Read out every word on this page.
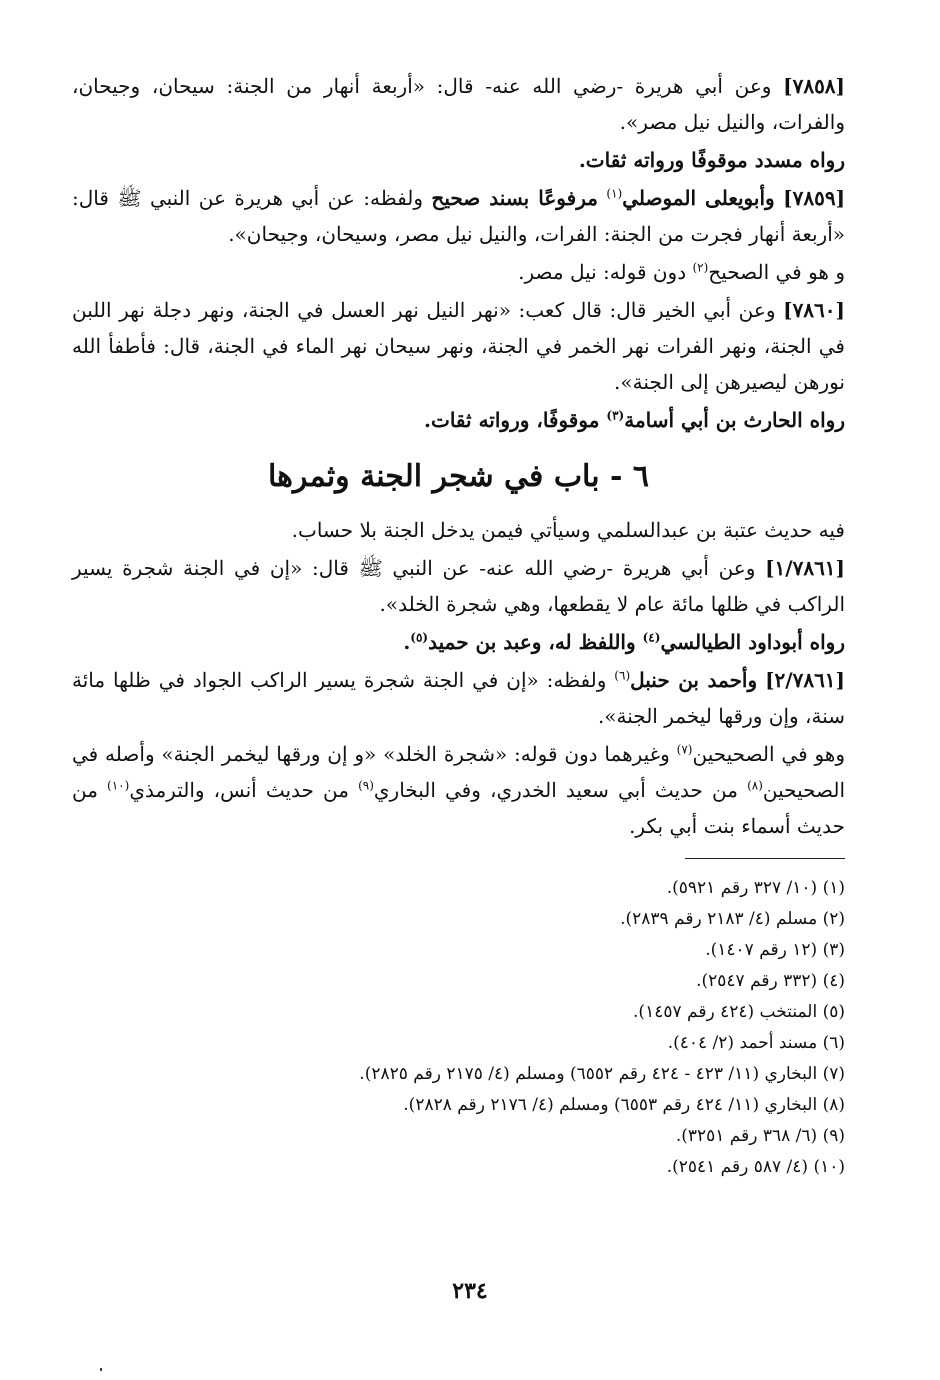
[٧٨٥٨] وعن أبي هريرة -رضي الله عنه- قال: «أربعة أنهار من الجنة: سيحان، وجيحان، والفرات، والنيل نيل مصر».

رواه مسدد موقوفًا ورواته ثقات.

[٧٨٥٩] وأبويعلى الموصلي$^{(١)}$ مرفوعًا بسند صحيح ولفظه: عن أبي هريرة عن النبي ﷺ قال: «أربعة أنهار فجرت من الجنة: الفرات، والنيل نيل مصر، وسيحان، وجيحان».

و هو في الصحيح$^{(٢)}$ دون قوله: نيل مصر.

[٧٨٦٠] وعن أبي الخير قال: قال كعب: «نهر النيل نهر العسل في الجنة، ونهر دجلة نهر اللبن في الجنة، ونهر الفرات نهر الخمر في الجنة، ونهر سيحان نهر الماء في الجنة، قال: فأطفأ الله نورهن ليصيرهن إلى الجنة».

رواه الحارث بن أبي أسامة$^{(٣)}$ موقوفًا، ورواته ثقات.

٦ - باب في شجر الجنة وثمرها

فيه حديث عتبة بن عبدالسلمي وسيأتي فيمن يدخل الجنة بلا حساب.

[١/٧٨٦١] وعن أبي هريرة -رضي الله عنه- عن النبي ﷺ قال: «إن في الجنة شجرة يسير الراكب في ظلها مائة عام لا يقطعها، وهي شجرة الخلد».

رواه أبوداود الطيالسي$^{(٤)}$ واللفظ له، وعبد بن حميد$^{(٥)}$.

[٢/٧٨٦١] وأحمد بن حنبل$^{(٦)}$ ولفظه: «إن في الجنة شجرة يسير الراكب الجواد في ظلها مائة سنة، وإن ورقها ليخمر الجنة».

وهو في الصحيحين$^{(٧)}$ وغيرهما دون قوله: «شجرة الخلد» «و إن ورقها ليخمر الجنة» وأصله في الصحيحين$^{(٨)}$ من حديث أبي سعيد الخدري، وفي البخاري$^{(٩)}$ من حديث أنس، والترمذي$^{(١٠)}$ من حديث أسماء بنت أبي بكر.

(١) (١٠/ ٣٢٧ رقم ٥٩٢١).

(٢) مسلم (٤/ ٢١٨٣ رقم ٢٨٣٩).

(٣) (١٢ رقم ١٤٠٧).

(٤) (٣٣٢ رقم ٢٥٤٧).

(٥) المنتخب (٤٢٤ رقم ١٤٥٧).

(٦) مسند أحمد (٢/ ٤٠٤).

(٧) البخاري (١١/ ٤٢٣ - ٤٢٤ رقم ٦٥٥٢) ومسلم (٤/ ٢١٧٥ رقم ٢٨٢٥).

(٨) البخاري (١١/ ٤٢٤ رقم ٦٥٥٣) ومسلم (٤/ ٢١٧٦ رقم ٢٨٢٨).

(٩) (٦/ ٣٦٨ رقم ٣٢٥١).

(١٠) (٤/ ٥٨٧ رقم ٢٥٤١).

٢٣٤
